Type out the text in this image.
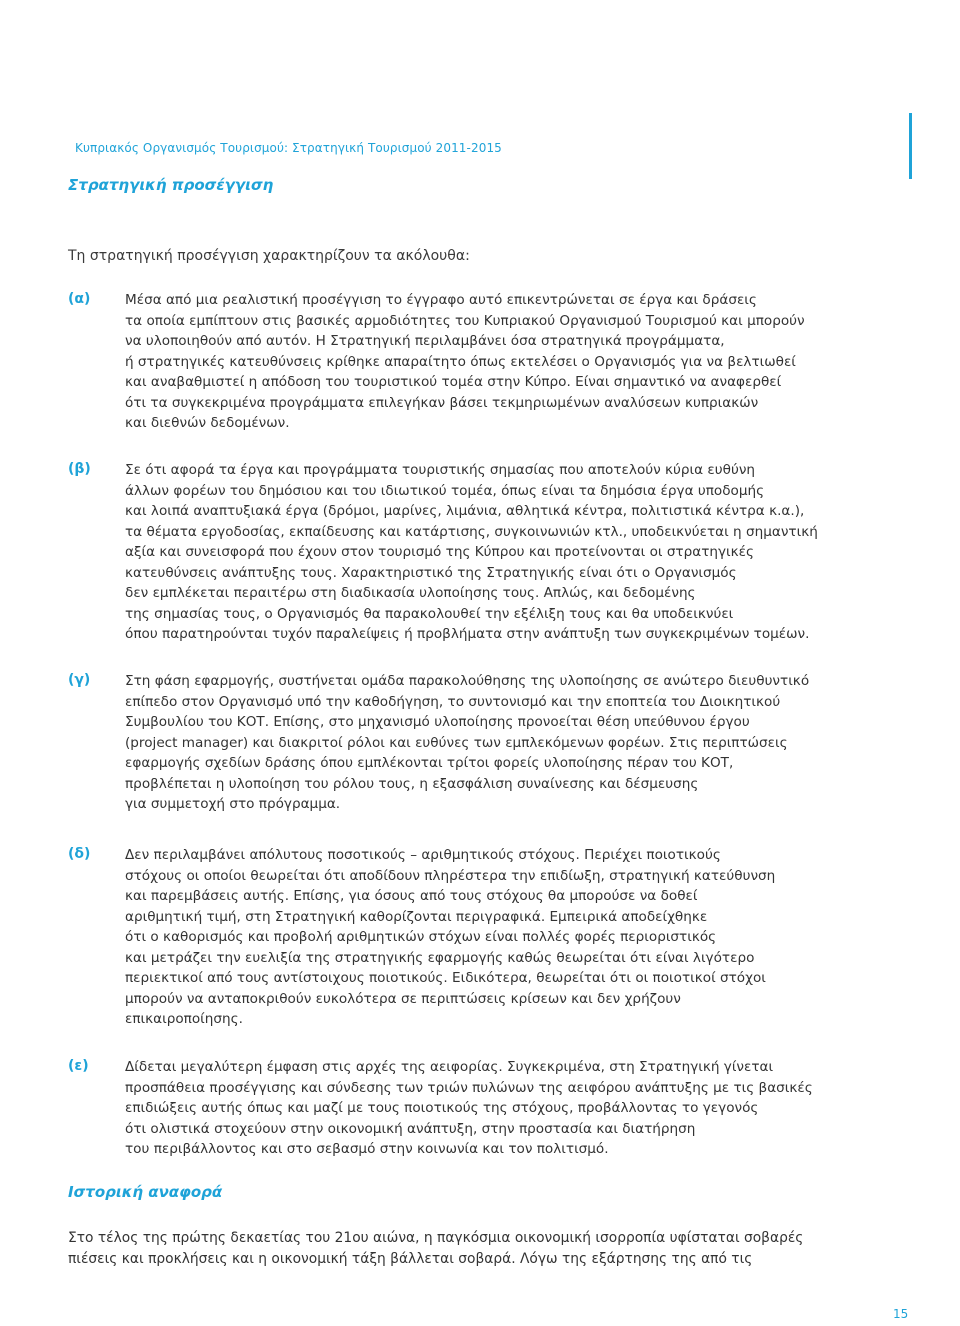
Κυπριακός Οργανισμός Τουρισμού: Στρατηγική Τουρισμού 2011-2015
Στρατηγική προσέγγιση

Τη στρατηγική προσέγγιση χαρακτηρίζουν τα ακόλουθα:

(α)	Μέσα από μια ρεαλιστική προσέγγιση το έγγραφο αυτό επικεντρώνεται σε έργα και δράσεις
τα οποία εμπίπτουν στις βασικές αρμοδιότητες του Κυπριακού Οργανισμού Τουρισμού και μπορούν
να υλοποιηθούν από αυτόν. Η Στρατηγική περιλαμβάνει όσα στρατηγικά προγράμματα,
ή στρατηγικές κατευθύνσεις κρίθηκε απαραίτητο όπως εκτελέσει ο Οργανισμός για να βελτιωθεί
και αναβαθμιστεί η απόδοση του τουριστικού τομέα στην Κύπρο. Είναι σημαντικό να αναφερθεί
ότι τα συγκεκριμένα προγράμματα επιλεγήκαν βάσει τεκμηριωμένων αναλύσεων κυπριακών
και διεθνών δεδομένων.
(β)	Σε ότι αφορά τα έργα και προγράμματα τουριστικής σημασίας που αποτελούν κύρια ευθύνη
άλλων φορέων του δημόσιου και του ιδιωτικού τομέα, όπως είναι τα δημόσια έργα υποδομής
και λοιπά αναπτυξιακά έργα (δρόμοι, μαρίνες, λιμάνια, αθλητικά κέντρα, πολιτιστικά κέντρα κ.α.),
τα θέματα εργοδοσίας, εκπαίδευσης και κατάρτισης, συγκοινωνιών κτλ., υποδεικνύεται η σημαντική
αξία και συνεισφορά που έχουν στον τουρισμό της Κύπρου και προτείνονται οι στρατηγικές
κατευθύνσεις ανάπτυξης τους. Χαρακτηριστικό της Στρατηγικής είναι ότι ο Οργανισμός
δεν εμπλέκεται περαιτέρω στη διαδικασία υλοποίησης τους. Απλώς, και δεδομένης
της σημασίας τους, ο Οργανισμός θα παρακολουθεί την εξέλιξη τους και θα υποδεικνύει
όπου παρατηρούνται τυχόν παραλείψεις ή προβλήματα στην ανάπτυξη των συγκεκριμένων τομέων.
(γ)	Στη φάση εφαρμογής, συστήνεται ομάδα παρακολούθησης της υλοποίησης σε ανώτερο διευθυντικό
επίπεδο στον Οργανισμό υπό την καθοδήγηση, το συντονισμό και την εποπτεία του Διοικητικού
Συμβουλίου του ΚΟΤ. Επίσης, στο μηχανισμό υλοποίησης προνοείται θέση υπεύθυνου έργου
(project manager) και διακριτοί ρόλοι και ευθύνες των εμπλεκόμενων φορέων. Στις περιπτώσεις
εφαρμογής σχεδίων δράσης όπου εμπλέκονται τρίτοι φορείς υλοποίησης πέραν του ΚΟΤ,
προβλέπεται η υλοποίηση του ρόλου τους, η εξασφάλιση συναίνεσης και δέσμευσης
για συμμετοχή στο πρόγραμμα.
(δ)	Δεν περιλαμβάνει απόλυτους ποσοτικούς – αριθμητικούς στόχους. Περιέχει ποιοτικούς
στόχους οι οποίοι θεωρείται ότι αποδίδουν πληρέστερα την επιδίωξη, στρατηγική κατεύθυνση
και παρεμβάσεις αυτής. Επίσης, για όσους από τους στόχους θα μπορούσε να δοθεί
αριθμητική τιμή, στη Στρατηγική καθορίζονται περιγραφικά. Εμπειρικά αποδείχθηκε
ότι ο καθορισμός και προβολή αριθμητικών στόχων είναι πολλές φορές περιοριστικός
και μετράζει την ευελιξία της στρατηγικής εφαρμογής καθώς θεωρείται ότι είναι λιγότερο
περιεκτικοί από τους αντίστοιχους ποιοτικούς. Ειδικότερα, θεωρείται ότι οι ποιοτικοί στόχοι
μπορούν να ανταποκριθούν ευκολότερα σε περιπτώσεις κρίσεων και δεν χρήζουν
επικαιροποίησης.
(ε)	Δίδεται μεγαλύτερη έμφαση στις αρχές της αειφορίας. Συγκεκριμένα, στη Στρατηγική γίνεται
προσπάθεια προσέγγισης και σύνδεσης των τριών πυλώνων της αειφόρου ανάπτυξης με τις βασικές
επιδιώξεις αυτής όπως και μαζί με τους ποιοτικούς της στόχους, προβάλλοντας το γεγονός
ότι ολιστικά στοχεύουν στην οικονομική ανάπτυξη, στην προστασία και διατήρηση
του περιβάλλοντος και στο σεβασμό στην κοινωνία και τον πολιτισμό.
Ιστορική αναφορά
Στο τέλος της πρώτης δεκαετίας του 21ου αιώνα, η παγκόσμια οικονομική ισορροπία υφίσταται σοβαρές
πιέσεις και προκλήσεις και η οικονομική τάξη βάλλεται σοβαρά. Λόγω της εξάρτησης της από τις
15
